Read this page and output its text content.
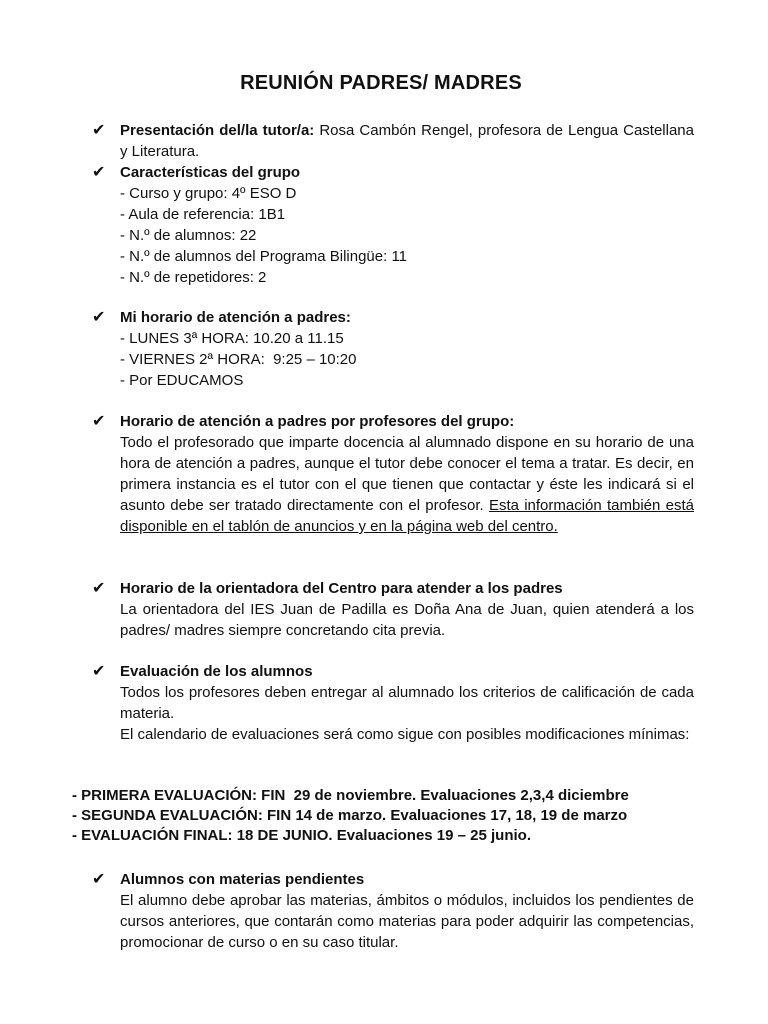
REUNIÓN PADRES/ MADRES
✔ Presentación del/la tutor/a: Rosa Cambón Rengel, profesora de Lengua Castellana y Literatura.
✔ Características del grupo
- Curso y grupo: 4º ESO D
- Aula de referencia: 1B1
- N.º de alumnos: 22
- N.º de alumnos del Programa Bilingüe: 11
- N.º de repetidores: 2
✔ Mi horario de atención a padres:
- LUNES 3ª HORA: 10.20 a 11.15
- VIERNES 2ª HORA:  9:25 – 10:20
- Por EDUCAMOS
✔ Horario de atención a padres por profesores del grupo:
Todo el profesorado que imparte docencia al alumnado dispone en su horario de una hora de atención a padres, aunque el tutor debe conocer el tema a tratar. Es decir, en primera instancia es el tutor con el que tienen que contactar y éste les indicará si el asunto debe ser tratado directamente con el profesor. Esta información también está disponible en el tablón de anuncios y en la página web del centro.
✔ Horario de la orientadora del Centro para atender a los padres
La orientadora del IES Juan de Padilla es Doña Ana de Juan, quien atenderá a los padres/ madres siempre concretando cita previa.
✔ Evaluación de los alumnos
Todos los profesores deben entregar al alumnado los criterios de calificación de cada materia.
El calendario de evaluaciones será como sigue con posibles modificaciones mínimas:
- PRIMERA EVALUACIÓN: FIN  29 de noviembre. Evaluaciones 2,3,4 diciembre
- SEGUNDA EVALUACIÓN: FIN 14 de marzo. Evaluaciones 17, 18, 19 de marzo
- EVALUACIÓN FINAL: 18 DE JUNIO. Evaluaciones 19 – 25 junio.
✔ Alumnos con materias pendientes
El alumno debe aprobar las materias, ámbitos o módulos, incluidos los pendientes de cursos anteriores, que contarán como materias para poder adquirir las competencias, promocionar de curso o en su caso titular.
